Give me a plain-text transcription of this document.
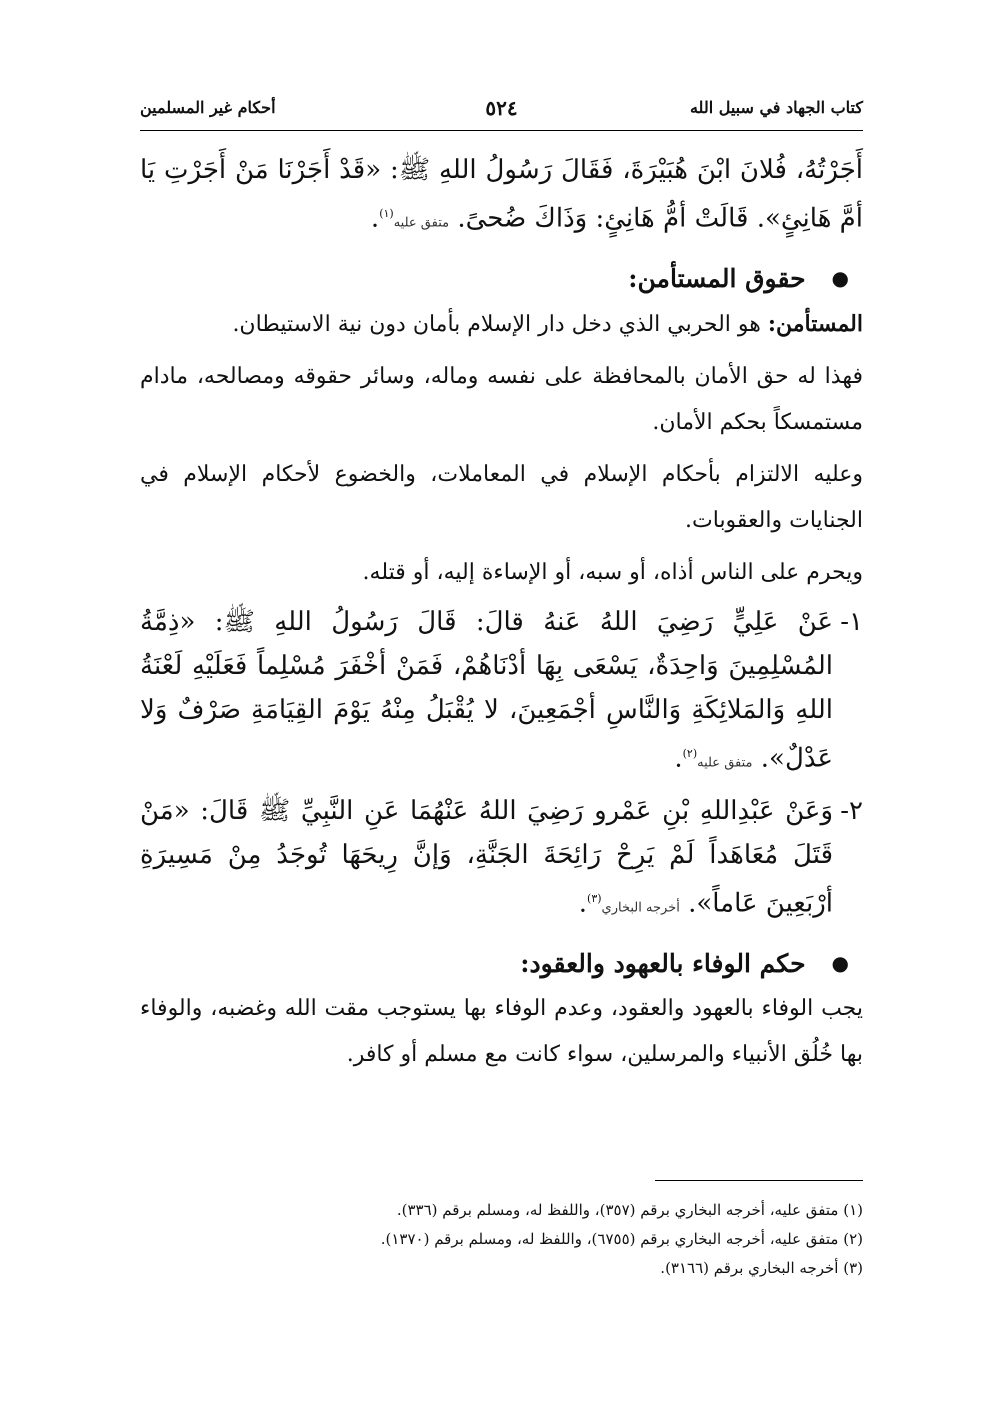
كتاب الجهاد في سبيل الله
٥٢٤
أحكام غير المسلمين

أَجَرْتُهُ، فُلانَ ابْنَ هُبَيْرَةَ، فَقَالَ رَسُولُ اللهِ ﷺ: «قَدْ أَجَرْنَا مَنْ أَجَرْتِ يَا أمَّ هَانِئٍ». قَالَتْ أمُّ هَانِئٍ: وَذَاكَ ضُحىً. متفق عليه$^{(١)}$.

●
حقوق المستأمن:

المستأمن: هو الحربي الذي دخل دار الإسلام بأمان دون نية الاستيطان.

فهذا له حق الأمان بالمحافظة على نفسه وماله، وسائر حقوقه ومصالحه، مادام مستمسكاً بحكم الأمان.

وعليه الالتزام بأحكام الإسلام في المعاملات، والخضوع لأحكام الإسلام في الجنايات والعقوبات.

ويحرم على الناس أذاه، أو سبه، أو الإساءة إليه، أو قتله.

١-

عَنْ عَلِيٍّ رَضِيَ اللهُ عَنهُ قالَ: قَالَ رَسُولُ اللهِ ﷺ: «ذِمَّةُ المُسْلِمِينَ وَاحِدَةٌ، يَسْعَى بِهَا أدْنَاهُمْ، فَمَنْ أخْفَرَ مُسْلِماً فَعَلَيْهِ لَعْنَةُ اللهِ وَالمَلائِكَةِ وَالنَّاسِ أجْمَعِينَ، لا يُقْبَلُ مِنْهُ يَوْمَ القِيَامَةِ صَرْفٌ وَلا عَدْلٌ». متفق عليه$^{(٢)}$.

٢-

وَعَنْ عَبْدِاللهِ بْنِ عَمْرو رَضِيَ اللهُ عَنْهُمَا عَنِ النَّبِيِّ ﷺ قَالَ: «مَنْ قَتَلَ مُعَاهَداً لَمْ يَرِحْ رَائِحَةَ الجَنَّةِ، وَإنَّ رِيحَهَا تُوجَدُ مِنْ مَسِيرَةِ أرْبَعِينَ عَاماً». أخرجه البخاري$^{(٣)}$.

●
حكم الوفاء بالعهود والعقود:

يجب الوفاء بالعهود والعقود، وعدم الوفاء بها يستوجب مقت الله وغضبه، والوفاء بها خُلُق الأنبياء والمرسلين، سواء كانت مع مسلم أو كافر.

(١) متفق عليه، أخرجه البخاري برقم (٣٥٧)، واللفظ له، ومسلم برقم (٣٣٦).
(٢) متفق عليه، أخرجه البخاري برقم (٦٧٥٥)، واللفظ له، ومسلم برقم (١٣٧٠).
(٣) أخرجه البخاري برقم (٣١٦٦).
